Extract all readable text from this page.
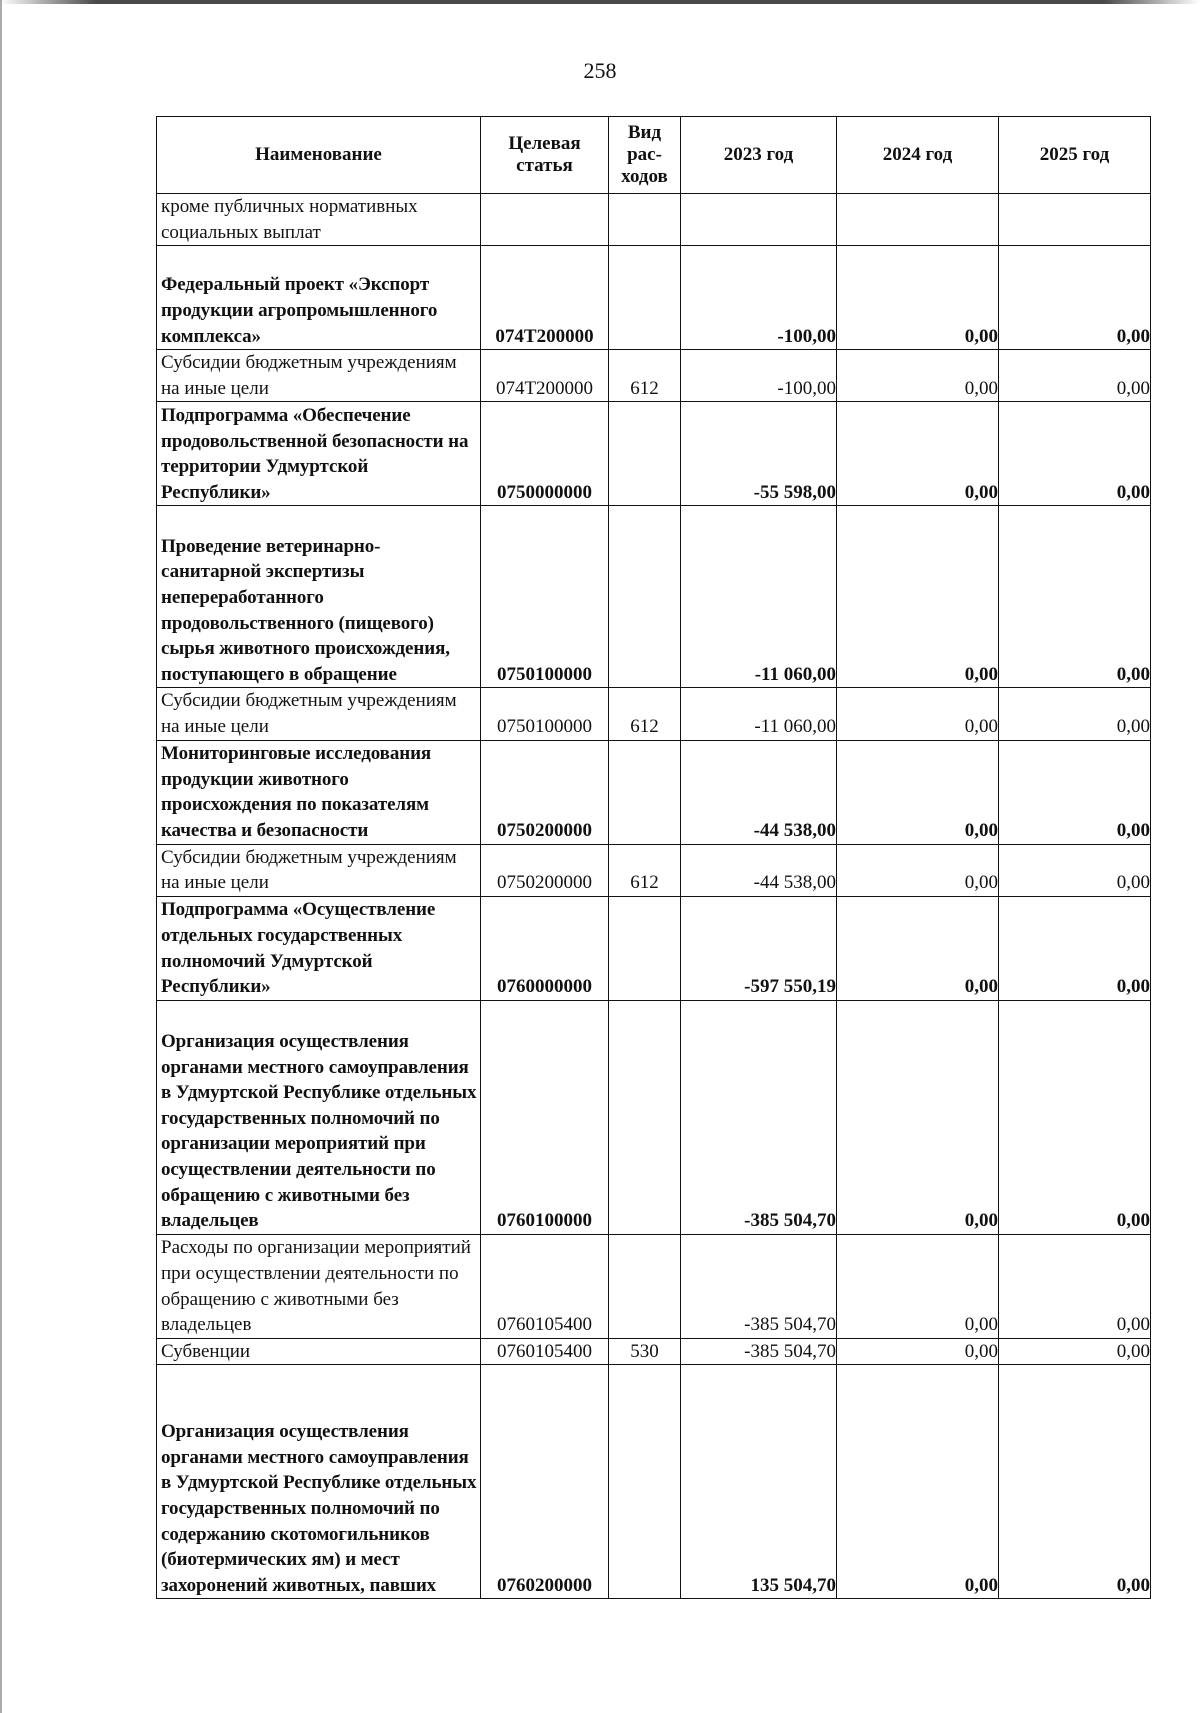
258
Наименование	Целевая статья	Вид рас-ходов	2023 год	2024 год	2025 год
кроме публичных нормативных социальных выплат					
Федеральный проект «Экспорт продукции агропромышленного комплекса»	074Т200000		-100,00	0,00	0,00
Субсидии бюджетным учреждениям на иные цели	074Т200000	612	-100,00	0,00	0,00
Подпрограмма «Обеспечение продовольственной безопасности на территории Удмуртской Республики»	0750000000		-55 598,00	0,00	0,00
Проведение ветеринарно-санитарной экспертизы непереработанного продовольственного (пищевого) сырья животного происхождения, поступающего в обращение	0750100000		-11 060,00	0,00	0,00
Субсидии бюджетным учреждениям на иные цели	0750100000	612	-11 060,00	0,00	0,00
Мониторинговые исследования продукции животного происхождения по показателям качества и безопасности	0750200000		-44 538,00	0,00	0,00
Субсидии бюджетным учреждениям на иные цели	0750200000	612	-44 538,00	0,00	0,00
Подпрограмма «Осуществление отдельных государственных полномочий Удмуртской Республики»	0760000000		-597 550,19	0,00	0,00
Организация осуществления органами местного самоуправления в Удмуртской Республике отдельных государственных полномочий по организации мероприятий при осуществлении деятельности по обращению с животными без владельцев	0760100000		-385 504,70	0,00	0,00
Расходы по организации мероприятий при осуществлении деятельности по обращению с животными без владельцев	0760105400		-385 504,70	0,00	0,00
Субвенции	0760105400	530	-385 504,70	0,00	0,00
Организация осуществления органами местного самоуправления в Удмуртской Республике отдельных государственных полномочий по содержанию скотомогильников (биотермических ям) и мест захоронений животных, павших	0760200000		135 504,70	0,00	0,00
